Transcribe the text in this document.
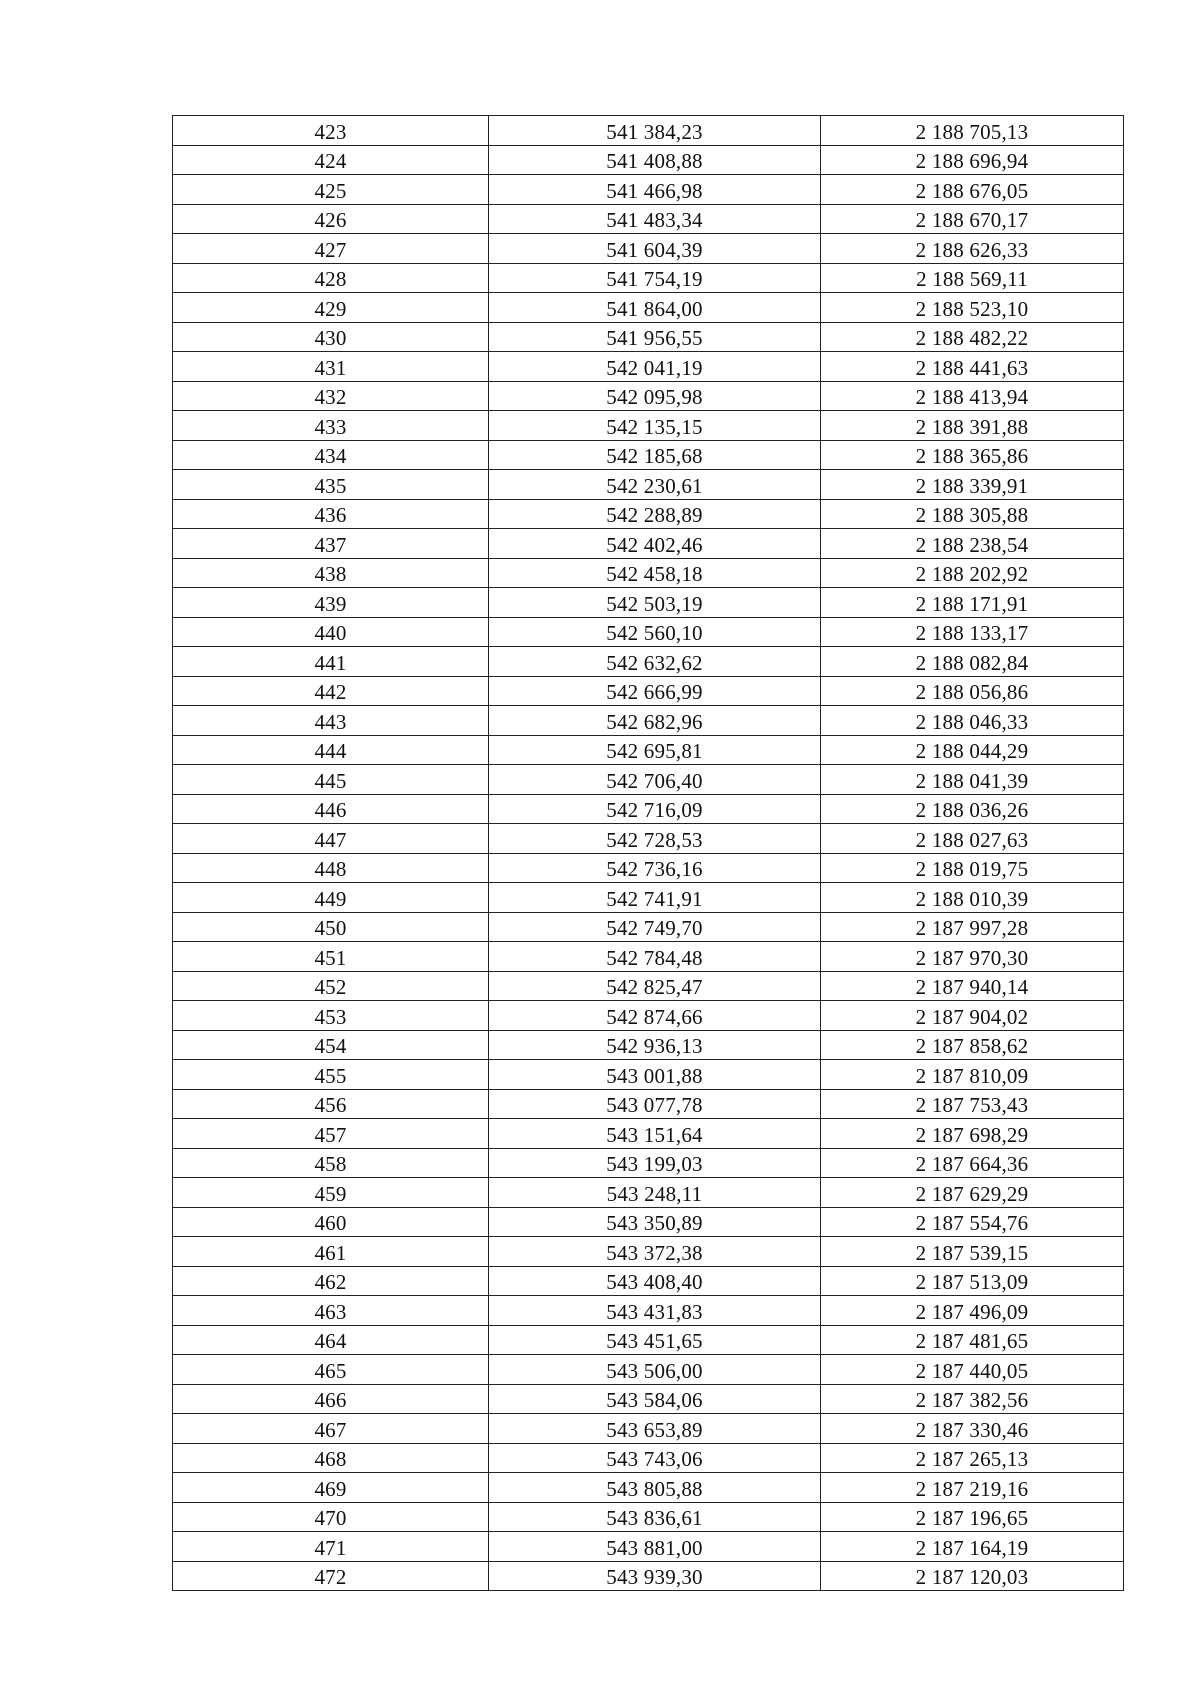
423	541 384,23	2 188 705,13
424	541 408,88	2 188 696,94
425	541 466,98	2 188 676,05
426	541 483,34	2 188 670,17
427	541 604,39	2 188 626,33
428	541 754,19	2 188 569,11
429	541 864,00	2 188 523,10
430	541 956,55	2 188 482,22
431	542 041,19	2 188 441,63
432	542 095,98	2 188 413,94
433	542 135,15	2 188 391,88
434	542 185,68	2 188 365,86
435	542 230,61	2 188 339,91
436	542 288,89	2 188 305,88
437	542 402,46	2 188 238,54
438	542 458,18	2 188 202,92
439	542 503,19	2 188 171,91
440	542 560,10	2 188 133,17
441	542 632,62	2 188 082,84
442	542 666,99	2 188 056,86
443	542 682,96	2 188 046,33
444	542 695,81	2 188 044,29
445	542 706,40	2 188 041,39
446	542 716,09	2 188 036,26
447	542 728,53	2 188 027,63
448	542 736,16	2 188 019,75
449	542 741,91	2 188 010,39
450	542 749,70	2 187 997,28
451	542 784,48	2 187 970,30
452	542 825,47	2 187 940,14
453	542 874,66	2 187 904,02
454	542 936,13	2 187 858,62
455	543 001,88	2 187 810,09
456	543 077,78	2 187 753,43
457	543 151,64	2 187 698,29
458	543 199,03	2 187 664,36
459	543 248,11	2 187 629,29
460	543 350,89	2 187 554,76
461	543 372,38	2 187 539,15
462	543 408,40	2 187 513,09
463	543 431,83	2 187 496,09
464	543 451,65	2 187 481,65
465	543 506,00	2 187 440,05
466	543 584,06	2 187 382,56
467	543 653,89	2 187 330,46
468	543 743,06	2 187 265,13
469	543 805,88	2 187 219,16
470	543 836,61	2 187 196,65
471	543 881,00	2 187 164,19
472	543 939,30	2 187 120,03
